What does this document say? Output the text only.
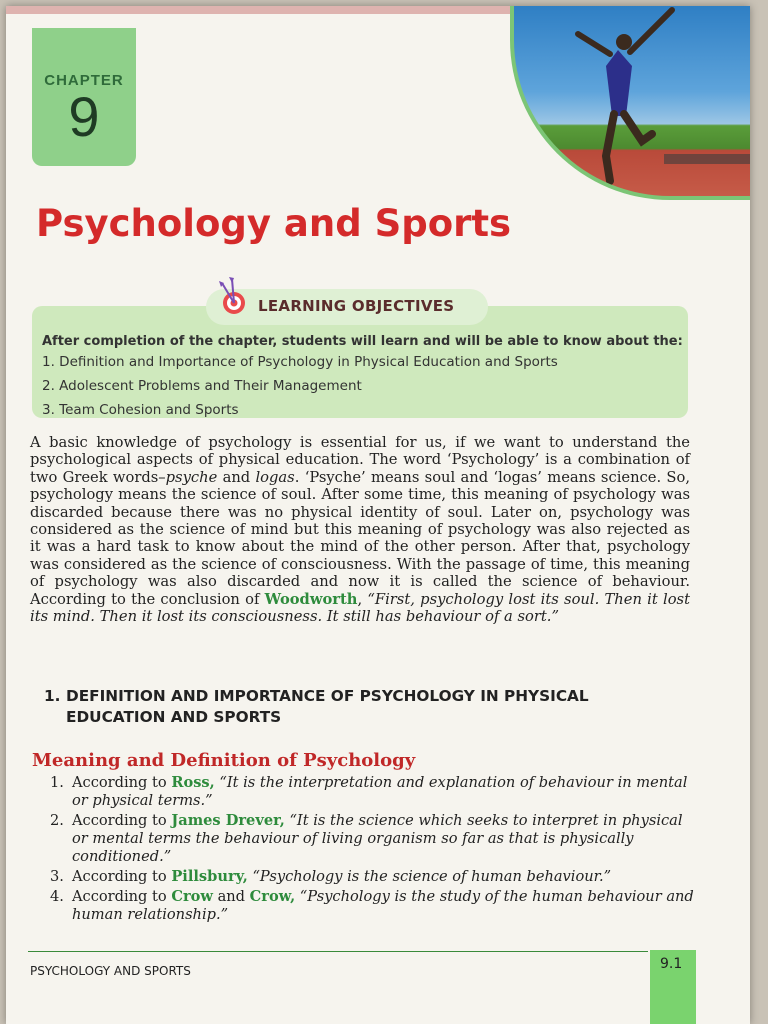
CHAPTER
9
Psychology and Sports
After completion of the chapter, students will learn and will be able to know about the:
1. Definition and Importance of Psychology in Physical Education and Sports
2. Adolescent Problems and Their Management
3. Team Cohesion and Sports
LEARNING OBJECTIVES

A basic knowledge of psychology is essential for us, if we want to understand the psychological aspects of physical education. The word ‘Psychology’ is a combination of two Greek words–psyche and logas. ‘Psyche’ means soul and ‘logas’ means science. So, psychology means the science of soul. After some time, this meaning of psychology was discarded because there was no physical identity of soul. Later on, psychology was considered as the science of mind but this meaning of psychology was also rejected as it was a hard task to know about the mind of the other person. After that, psychology was considered as the science of consciousness. With the passage of time, this meaning of psychology was also discarded and now it is called the science of behaviour. According to the conclusion of Woodworth, “First, psychology lost its soul. Then it lost its mind. Then it lost its consciousness. It still has behaviour of a sort.”

1. DEFINITION AND IMPORTANCE OF PSYCHOLOGY IN PHYSICAL EDUCATION AND SPORTS
Meaning and Definition of Psychology
1. According to Ross, “It is the interpretation and explanation of behaviour in mental or physical terms.”
2. According to James Drever, “It is the science which seeks to interpret in physical or mental terms the behaviour of living organism so far as that is physically conditioned.”
3. According to Pillsbury, “Psychology is the science of human behaviour.”
4. According to Crow and Crow, “Psychology is the study of the human behaviour and human relationship.”
PSYCHOLOGY AND SPORTS	9.1
